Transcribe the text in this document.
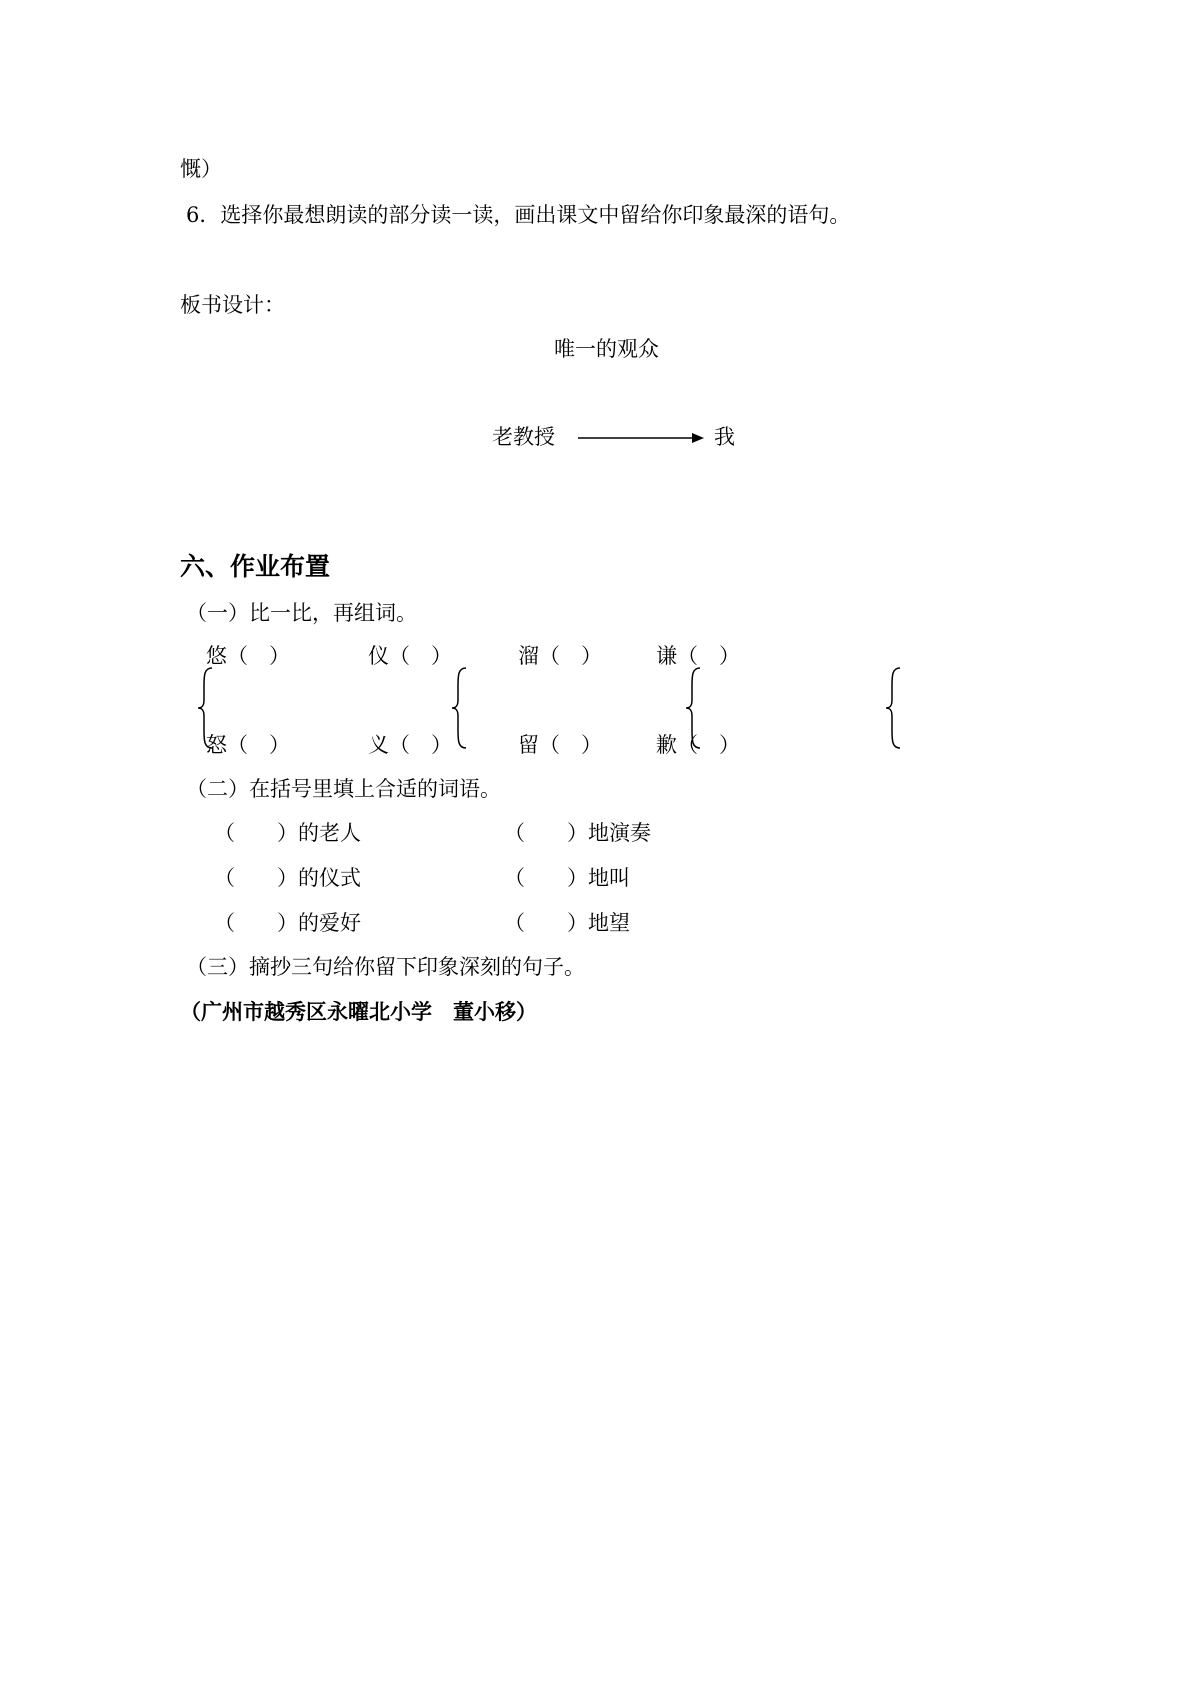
慨）
6．选择你最想朗读的部分读一读，画出课文中留给你印象最深的语句。
板书设计：
唯一的观众
老教授	我
六、作业布置
（一）比一比，再组词。
悠（　）
怒（　）
仪（　）
义（　）
溜（　）
留（　）
谦（　）
歉（　）
（二）在括号里填上合适的词语。
（　　）的老人
（　　）的仪式
（　　）的爱好
（　　）地演奏
（　　）地叫
（　　）地望
（三）摘抄三句给你留下印象深刻的句子。
（广州市越秀区永曜北小学　董小移）
